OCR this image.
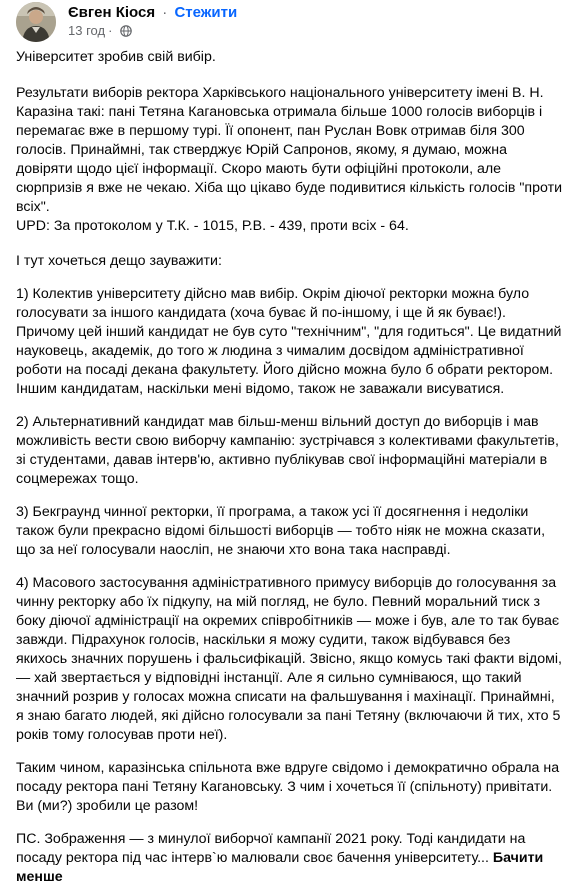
Євген Кіося · Стежити
13 год ·

Університет зробив свій вибір.

Результати виборів ректора Харківського національного університету імені В. Н. Каразіна такі: пані Тетяна Кагановська отримала більше 1000 голосів виборців і перемагає вже в першому турі. Її опонент, пан Руслан Вовк отримав біля 300 голосів. Принаймні, так стверджує Юрій Сапронов, якому, я думаю, можна довіряти щодо цієї інформації. Скоро мають бути офіційні протоколи, але сюрпризів я вже не чекаю. Хіба що цікаво буде подивитися кількість голосів "проти всіх".

UPD: За протоколом у Т.К. - 1015, Р.В. - 439, проти всіх - 64.

І тут хочеться дещо зауважити:

1) Колектив університету дійсно мав вибір. Окрім діючої ректорки можна було голосувати за іншого кандидата (хоча буває й по-іншому, і ще й як буває!). Причому цей інший кандидат не був суто "технічним", "для годиться". Це видатний науковець, академік, до того ж людина з чималим досвідом адміністративної роботи на посаді декана факультету. Його дійсно можна було б обрати ректором. Іншим кандидатам, наскільки мені відомо, також не заважали висуватися.

2) Альтернативний кандидат мав більш-менш вільний доступ до виборців і мав можливість вести свою виборчу кампанію: зустрічався з колективами факультетів, зі студентами, давав інтерв'ю, активно публікував свої інформаційні матеріали в соцмережах тощо.

3) Бекграунд чинної ректорки, її програма, а також усі її досягнення і недоліки також були прекрасно відомі більшості виборців — тобто ніяк не можна сказати, що за неї голосували наосліп, не знаючи хто вона така насправді.

4) Масового застосування адміністративного примусу виборців до голосування за чинну ректорку або їх підкупу, на мій погляд, не було. Певний моральний тиск з боку діючої адміністрації на окремих співробітників — може і був, але то так буває завжди. Підрахунок голосів, наскільки я можу судити, також відбувався без якихось значних порушень і фальсифікацій. Звісно, якщо комусь такі факти відомі, — хай звертається у відповідні інстанції. Але я сильно сумніваюся, що такий значний розрив у голосах можна списати на фальшування і махінації. Принаймні, я знаю багато людей, які дійсно голосували за пані Тетяну (включаючи й тих, хто 5 років тому голосував проти неї).

Таким чином, каразінська спільнота вже вдруге свідомо і демократично обрала на посаду ректора пані Тетяну Кагановську. З чим і хочеться її (спільноту) привітати.

Ви (ми?) зробили це разом!

ПС. Зображення — з минулої виборчої кампанії 2021 року. Тоді кандидати на посаду ректора під час інтерв`ю малювали своє бачення університету... Бачити менше
